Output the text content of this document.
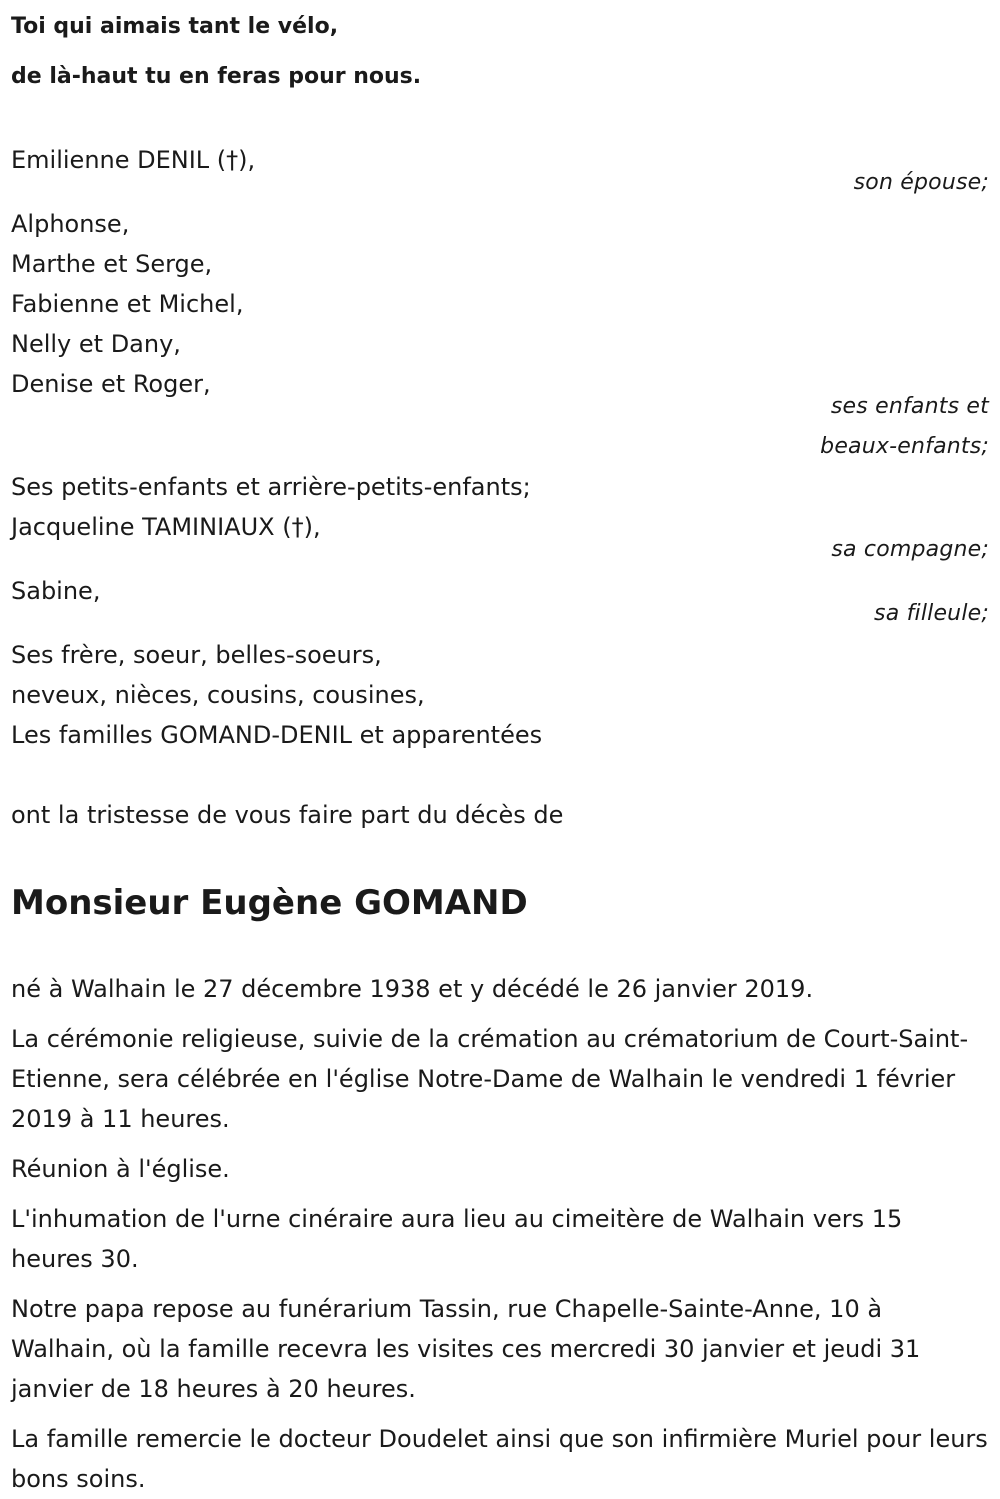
Toi qui aimais tant le vélo,
de là-haut tu en feras pour nous.
Emilienne DENIL (†),
son épouse;
Alphonse,
Marthe et Serge,
Fabienne et Michel,
Nelly et Dany,
Denise et Roger,
ses enfants et
beaux-enfants;
Ses petits-enfants et arrière-petits-enfants;
Jacqueline TAMINIAUX (†),
sa compagne;
Sabine,
sa filleule;
Ses frère, soeur, belles-soeurs,
neveux, nièces, cousins, cousines,
Les familles GOMAND-DENIL et apparentées

ont la tristesse de vous faire part du décès de

Monsieur Eugène GOMAND

né à Walhain le 27 décembre 1938 et y décédé le 26 janvier 2019.

La cérémonie religieuse, suivie de la crémation au crématorium de Court-Saint-Etienne, sera célébrée en l'église Notre-Dame de Walhain le vendredi 1 février 2019 à 11 heures.

Réunion à l'église.

L'inhumation de l'urne cinéraire aura lieu au cimeitère de Walhain vers 15 heures 30.

Notre papa repose au funérarium Tassin, rue Chapelle-Sainte-Anne, 10 à Walhain, où la famille recevra les visites ces mercredi 30 janvier et jeudi 31 janvier de 18 heures à 20 heures.

La famille remercie le docteur Doudelet ainsi que son infirmière Muriel pour leurs bons soins.
